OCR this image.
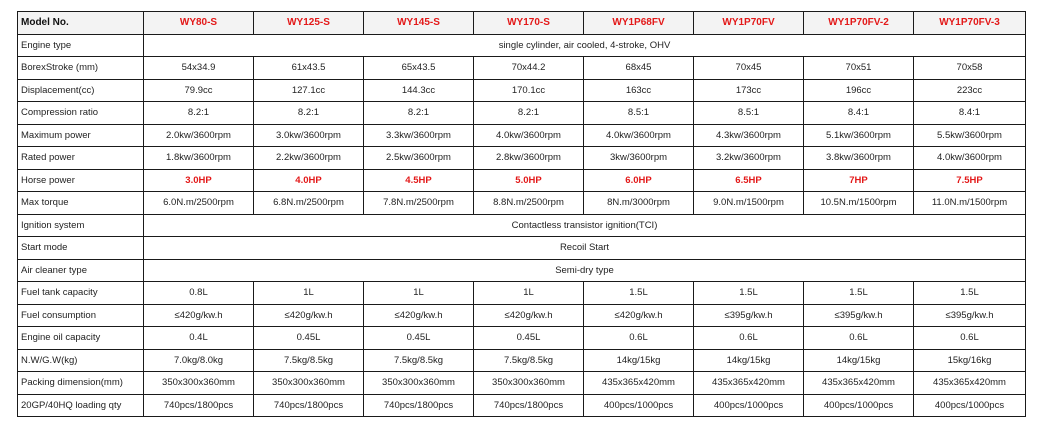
Model No.	WY80-S	WY125-S	WY145-S	WY170-S	WY1P68FV	WY1P70FV	WY1P70FV-2	WY1P70FV-3
Engine type	single cylinder, air cooled, 4-stroke, OHV							
BorexStroke (mm)	54x34.9	61x43.5	65x43.5	70x44.2	68x45	70x45	70x51	70x58
Displacement(cc)	79.9cc	127.1cc	144.3cc	170.1cc	163cc	173cc	196cc	223cc
Compression ratio	8.2:1	8.2:1	8.2:1	8.2:1	8.5:1	8.5:1	8.4:1	8.4:1
Maximum power	2.0kw/3600rpm	3.0kw/3600rpm	3.3kw/3600rpm	4.0kw/3600rpm	4.0kw/3600rpm	4.3kw/3600rpm	5.1kw/3600rpm	5.5kw/3600rpm
Rated power	1.8kw/3600rpm	2.2kw/3600rpm	2.5kw/3600rpm	2.8kw/3600rpm	3kw/3600rpm	3.2kw/3600rpm	3.8kw/3600rpm	4.0kw/3600rpm
Horse power	3.0HP	4.0HP	4.5HP	5.0HP	6.0HP	6.5HP	7HP	7.5HP
Max torque	6.0N.m/2500rpm	6.8N.m/2500rpm	7.8N.m/2500rpm	8.8N.m/2500rpm	8N.m/3000rpm	9.0N.m/1500rpm	10.5N.m/1500rpm	11.0N.m/1500rpm
Ignition system	Contactless transistor ignition(TCI)							
Start mode	Recoil Start							
Air cleaner type	Semi-dry type							
Fuel tank capacity	0.8L	1L	1L	1L	1.5L	1.5L	1.5L	1.5L
Fuel consumption	≤420g/kw.h	≤420g/kw.h	≤420g/kw.h	≤420g/kw.h	≤420g/kw.h	≤395g/kw.h	≤395g/kw.h	≤395g/kw.h
Engine oil capacity	0.4L	0.45L	0.45L	0.45L	0.6L	0.6L	0.6L	0.6L
N.W/G.W(kg)	7.0kg/8.0kg	7.5kg/8.5kg	7.5kg/8.5kg	7.5kg/8.5kg	14kg/15kg	14kg/15kg	14kg/15kg	15kg/16kg
Packing dimension(mm)	350x300x360mm	350x300x360mm	350x300x360mm	350x300x360mm	435x365x420mm	435x365x420mm	435x365x420mm	435x365x420mm
20GP/40HQ loading qty	740pcs/1800pcs	740pcs/1800pcs	740pcs/1800pcs	740pcs/1800pcs	400pcs/1000pcs	400pcs/1000pcs	400pcs/1000pcs	400pcs/1000pcs
